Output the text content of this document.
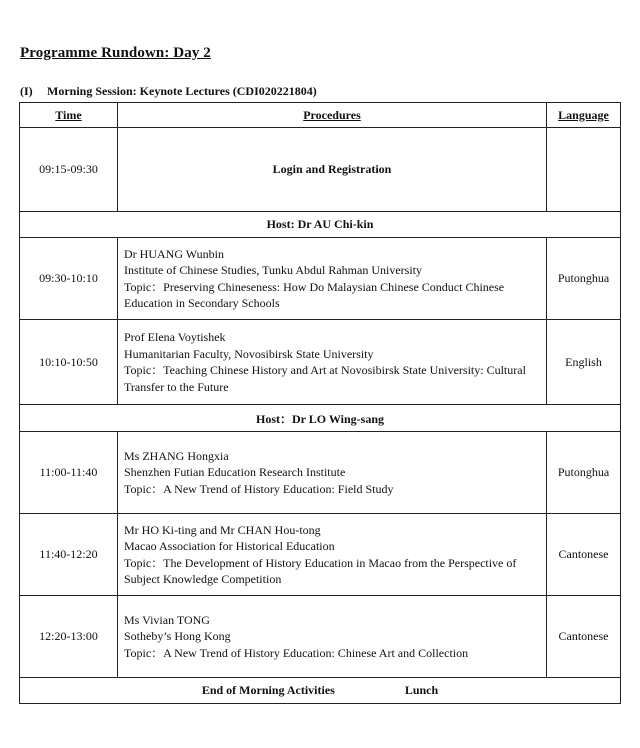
Programme Rundown: Day 2
(I) Morning Session: Keynote Lectures (CDI020221804)
Time	Procedures	Language
09:15-09:30	Login and Registration	
Host: Dr AU Chi-kin		
09:30-10:10	Dr HUANG Wunbin
Institute of Chinese Studies, Tunku Abdul Rahman University
Topic：Preserving Chineseness: How Do Malaysian Chinese Conduct Chinese Education in Secondary Schools	Putonghua
10:10-10:50	Prof Elena Voytishek
Humanitarian Faculty, Novosibirsk State University
Topic：Teaching Chinese History and Art at Novosibirsk State University: Cultural Transfer to the Future	English
Host：Dr LO Wing-sang		
11:00-11:40	Ms ZHANG Hongxia
Shenzhen Futian Education Research Institute
Topic：A New Trend of History Education: Field Study	Putonghua
11:40-12:20	Mr HO Ki-ting and Mr CHAN Hou-tong
Macao Association for Historical Education
Topic：The Development of History Education in Macao from the Perspective of Subject Knowledge Competition	Cantonese
12:20-13:00	Ms Vivian TONG
Sotheby’s Hong Kong
Topic：A New Trend of History Education: Chinese Art and Collection	Cantonese
End of Morning Activities Lunch		
